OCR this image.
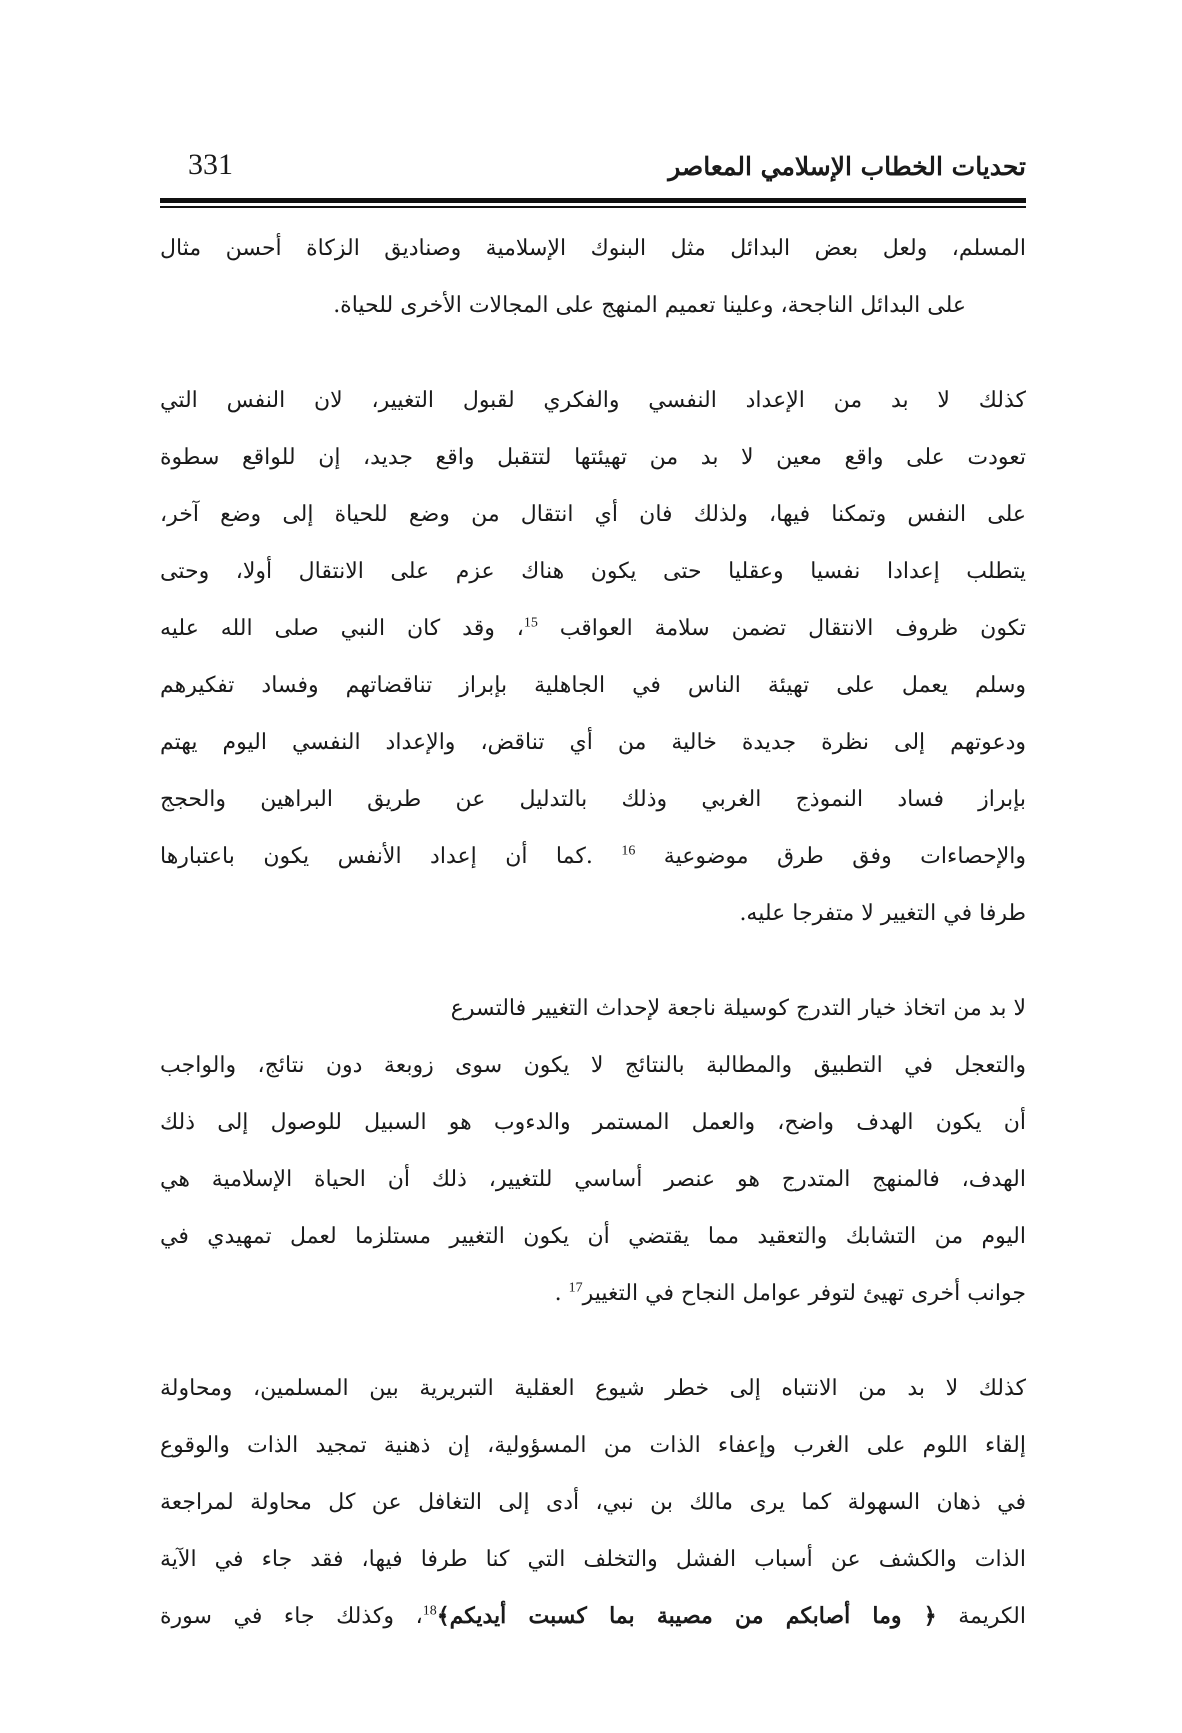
تحديات الخطاب الإسلامي المعاصر
331
المسلم، ولعل بعض البدائل مثل البنوك الإسلامية وصناديق الزكاة أحسن مثال
على البدائل الناجحة، وعلينا تعميم المنهج على المجالات الأخرى للحياة.
كذلك لا بد من الإعداد النفسي والفكري لقبول التغيير، لان النفس التي
تعودت على واقع معين لا بد من تهيئتها لتتقبل واقع جديد، إن للواقع سطوة
على النفس وتمكنا فيها، ولذلك فان أي انتقال من وضع للحياة إلى وضع آخر،
يتطلب إعدادا نفسيا وعقليا حتى يكون هناك عزم على الانتقال أولا، وحتى
تكون ظروف الانتقال تضمن سلامة العواقب $^{15}$، وقد كان النبي صلى الله عليه
وسلم يعمل على تهيئة الناس في الجاهلية بإبراز تناقضاتهم وفساد تفكيرهم
ودعوتهم إلى نظرة جديدة خالية من أي تناقض، والإعداد النفسي اليوم يهتم
بإبراز فساد النموذج الغربي وذلك بالتدليل عن طريق البراهين والحجج
والإحصاءات وفق طرق موضوعية $^{16}$ .كما أن إعداد الأنفس يكون باعتبارها
طرفا في التغيير لا متفرجا عليه.
لا بد من اتخاذ خيار التدرج كوسيلة ناجعة لإحداث التغيير فالتسرع
والتعجل في التطبيق والمطالبة بالنتائج لا يكون سوى زوبعة دون نتائج، والواجب
أن يكون الهدف واضح، والعمل المستمر والدءوب هو السبيل للوصول إلى ذلك
الهدف، فالمنهج المتدرج هو عنصر أساسي للتغيير، ذلك أن الحياة الإسلامية هي
اليوم من التشابك والتعقيد مما يقتضي أن يكون التغيير مستلزما لعمل تمهيدي في
جوانب أخرى تهيئ لتوفر عوامل النجاح في التغيير$^{17}$ .
كذلك لا بد من الانتباه إلى خطر شيوع العقلية التبريرية بين المسلمين، ومحاولة
إلقاء اللوم على الغرب وإعفاء الذات من المسؤولية، إن ذهنية تمجيد الذات والوقوع
في ذهان السهولة كما يرى مالك بن نبي، أدى إلى التغافل عن كل محاولة لمراجعة
الذات والكشف عن أسباب الفشل والتخلف التي كنا طرفا فيها، فقد جاء في الآية
الكريمة ﴿ وما أصابكم من مصيبة بما كسبت أيديكم﴾$^{18}$، وكذلك جاء في سورة
